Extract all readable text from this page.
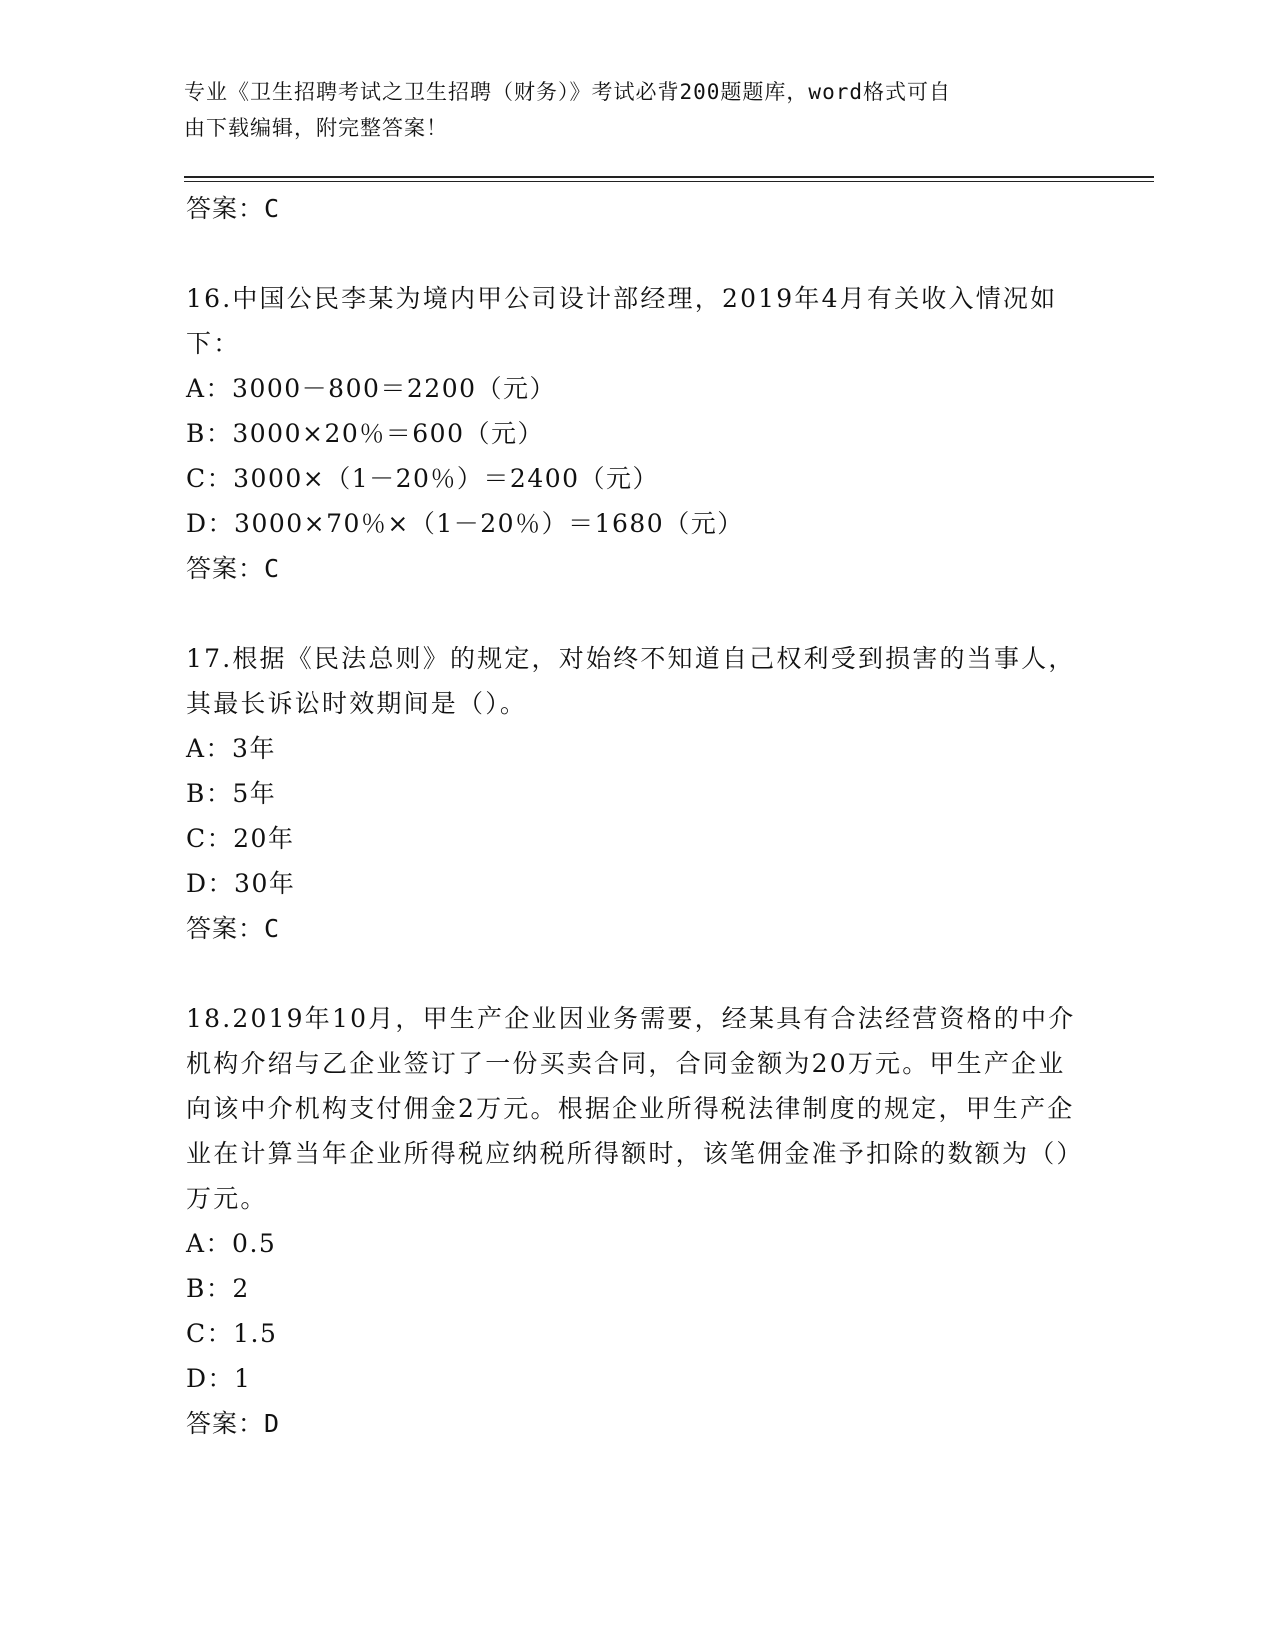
专业《卫生招聘考试之卫生招聘（财务）》考试必背200题题库，word格式可自
由下载编辑，附完整答案！
答案：C
16.中国公民李某为境内甲公司设计部经理，2019年4月有关收入情况如下：
A：3000－800＝2200（元）
B：3000×20％＝600（元）
C：3000×（1－20％）＝2400（元）
D：3000×70％×（1－20％）＝1680（元）
答案：C
17.根据《民法总则》的规定，对始终不知道自己权利受到损害的当事人，其最长诉讼时效期间是（）。
A：3年
B：5年
C：20年
D：30年
答案：C
18.2019年10月，甲生产企业因业务需要，经某具有合法经营资格的中介机构介绍与乙企业签订了一份买卖合同，合同金额为20万元。甲生产企业向该中介机构支付佣金2万元。根据企业所得税法律制度的规定，甲生产企业在计算当年企业所得税应纳税所得额时，该笔佣金准予扣除的数额为（）万元。
A：0.5
B：2
C：1.5
D：1
答案：D
